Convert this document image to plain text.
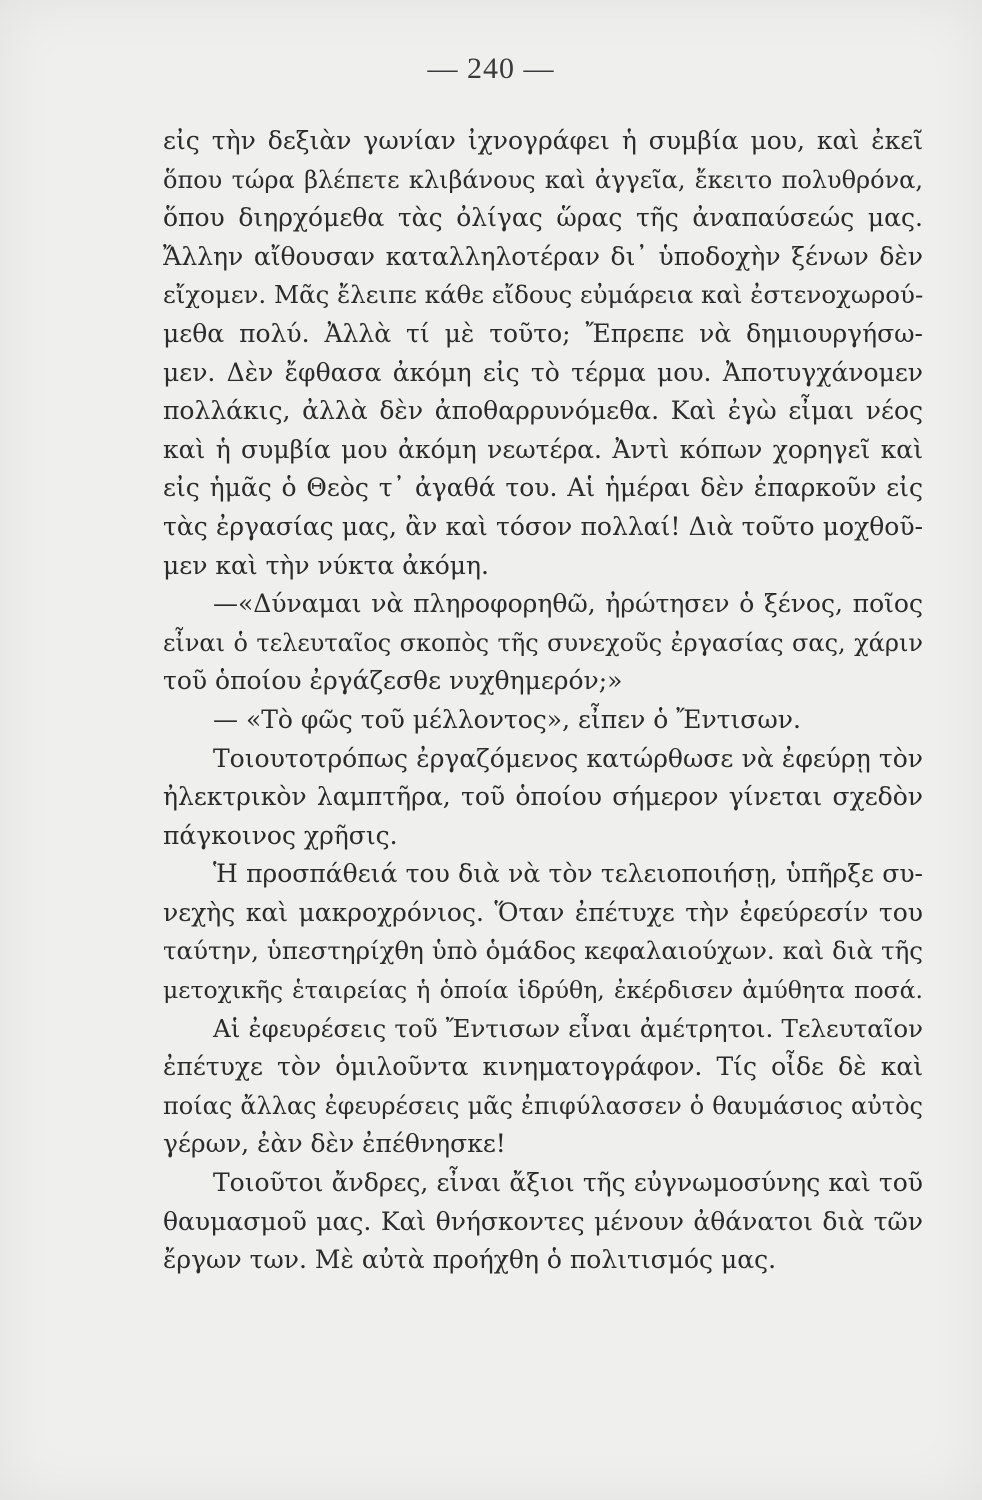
— 240 —
εἰς τὴν δεξιὰν γωνίαν ἰχνογράφει ἡ συμβία μου, καὶ ἐκεῖ
ὅπου τώρα βλέπετε κλιβάνους καὶ ἀγγεῖα, ἔκειτο πολυθρόνα,
ὅπου διηρχόμεθα τὰς ὀλίγας ὥρας τῆς ἀναπαύσεώς μας.
Ἄλλην αἴθουσαν καταλληλοτέραν δι᾿ ὑποδοχὴν ξένων δὲν
εἴχομεν. Μᾶς ἔλειπε κάθε εἴδους εὐμάρεια καὶ ἐστενοχωρού-
μεθα πολύ. Ἀλλὰ τί μὲ τοῦτο; Ἔπρεπε νὰ δημιουργήσω-
μεν. Δὲν ἔφθασα ἀκόμη εἰς τὸ τέρμα μου. Ἀποτυγχάνομεν
πολλάκις, ἀλλὰ δὲν ἀποθαρρυνόμεθα. Καὶ ἐγὼ εἶμαι νέος
καὶ ἡ συμβία μου ἀκόμη νεωτέρα. Ἀντὶ κόπων χορηγεῖ καὶ
εἰς ἡμᾶς ὁ Θεὸς τ᾿ ἀγαθά του. Αἱ ἡμέραι δὲν ἐπαρκοῦν εἰς
τὰς ἐργασίας μας, ἂν καὶ τόσον πολλαί! Διὰ τοῦτο μοχθοῦ-
μεν καὶ τὴν νύκτα ἀκόμη.
—«Δύναμαι νὰ πληροφορηθῶ, ἠρώτησεν ὁ ξένος, ποῖος
εἶναι ὁ τελευταῖος σκοπὸς τῆς συνεχοῦς ἐργασίας σας, χάριν
τοῦ ὁποίου ἐργάζεσθε νυχθημερόν;»
— «Τὸ φῶς τοῦ μέλλοντος», εἶπεν ὁ Ἔντισων.
Τοιουτοτρόπως ἐργαζόμενος κατώρθωσε νὰ ἐφεύρῃ τὸν
ἠλεκτρικὸν λαμπτῆρα, τοῦ ὁποίου σήμερον γίνεται σχεδὸν
πάγκοινος χρῆσις.
Ἡ προσπάθειά του διὰ νὰ τὸν τελειοποιήσῃ, ὑπῆρξε συ-
νεχὴς καὶ μακροχρόνιος. Ὅταν ἐπέτυχε τὴν ἐφεύρεσίν του
ταύτην, ὑπεστηρίχθη ὑπὸ ὁμάδος κεφαλαιούχων. καὶ διὰ τῆς
μετοχικῆς ἑταιρείας ἡ ὁποία ἱδρύθη, ἐκέρδισεν ἀμύθητα ποσά.
Αἱ ἐφευρέσεις τοῦ Ἔντισων εἶναι ἀμέτρητοι. Τελευταῖον
ἐπέτυχε τὸν ὁμιλοῦντα κινηματογράφον. Τίς οἶδε δὲ καὶ
ποίας ἄλλας ἐφευρέσεις μᾶς ἐπιφύλασσεν ὁ θαυμάσιος αὐτὸς
γέρων, ἐὰν δὲν ἐπέθνησκε!
Τοιοῦτοι ἄνδρες, εἶναι ἄξιοι τῆς εὐγνωμοσύνης καὶ τοῦ
θαυμασμοῦ μας. Καὶ θνήσκοντες μένουν ἀθάνατοι διὰ τῶν
ἔργων των. Μὲ αὐτὰ προήχθη ὁ πολιτισμός μας.
